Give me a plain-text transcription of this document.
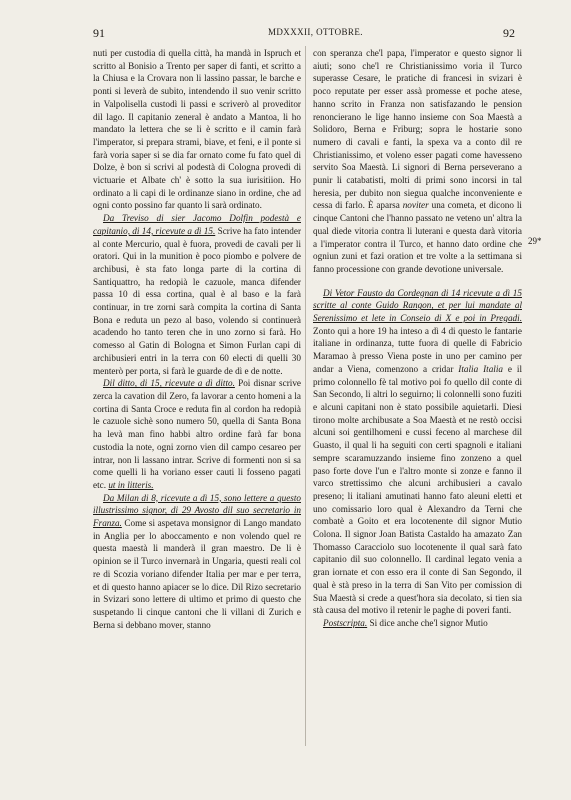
91	MDXXXII, OTTOBRE.	92

nuti per custodia di quella città, ha mandà in Ispruch et scritto al Bonisio a Trento per saper di fanti, et scritto a la Chiusa e la Crovara non li lassino passar, le barche e ponti si leverà de subito, intendendo il suo venir scritto in Valpolisella custodì li passi e scriverò al proveditor dil lago. Il capitanio zeneral è andato a Mantoa, li ho mandato la lettera che se li è scritto e il camin farà l'imperator, si prepara strami, biave, et feni, e il ponte si farà voria saper si se dia far ornato come fu fato quel di Dolze, è bon si scrivi al podestà di Cologna provedi di victuarie et Albate ch' è sotto la sua iurisitiion. Ho ordinato a li capi di le ordinanze siano in ordine, che ad ogni conto possino far quanto li sarà ordinato.

Da Treviso di sier Jacomo Dolfin podestà e capitanio, di 14, ricevute a dì 15. Scrive ha fato intender al conte Mercurio, qual è fuora, provedi de cavali per li oratori. Qui in la munition è poco piombo e polvere de archibusi, è sta fato longa parte di la cortina di Santiquattro, ha redopià le cazuole, manca difender passa 10 di essa cortina, qual è al baso e la farà continuar, in tre zorni sarà compita la cortina di Santa Bona e reduta un pezo al baso, volendo si continuerà acadendo ho tanto teren che in uno zorno si farà. Ho comesso al Gatin di Bologna et Simon Furlan capi di archibusieri entri in la terra con 60 electi di quelli 30 menterò per porta, si farà le guarde de dì e de notte.

Dil ditto, di 15, ricevute a dì ditto. Poi disnar scrive zerca la cavation dil Zero, fa lavorar a cento homeni a la cortina di Santa Croce e reduta fin al cordon ha redopià le cazuole sichè sono numero 50, quella di Santa Bona ha levà man fino habbi altro ordine farà far bona custodia la note, ogni zorno vien dil campo cesareo per intrar, non li lassano intrar. Scrive di formenti non si sa come quelli li ha voriano esser cauti li fosseno pagati etc. ut in litteris.

Da Milan di 8, ricevute a dì 15, sono lettere a questo illustrissimo signor, di 29 Avosto dil suo secretario in Franza. Come si aspetava monsignor di Lango mandato in Anglia per lo aboccamento e non volendo quel re questa maestà li manderà il gran maestro. De li è opinion se il Turco invernarà in Ungaria, questi reali col re di Scozia voriano difender Italia per mar e per terra, et di questo hanno apiacer se lo dice. Dil Rizo secretario in Svizari sono lettere di ultimo et primo di questo che suspetando li cinque cantoni che li villani di Zurich e Berna si debbano mover, stanno

con speranza che'l papa, l'imperator e questo signor li aiuti; sono che'l re Christianissimo voria il Turco superasse Cesare, le pratiche di francesi in svizari è poco reputate per esser assà promesse et poche atese, hanno scrito in Franza non satisfazando le pension renoncierano le lige hanno insieme con Soa Maestà a Solidoro, Berna e Friburg; sopra le hostarie sono numero di cavali e fanti, la spexa va a conto dil re Christianissimo, et voleno esser pagati come havesseno servito Soa Maestà. Li signori di Berna perseverano a punir li catabatisti, molti di primi sono incorsi in tal heresia, per dubito non siegua qualche inconveniente e cessa di farlo. È aparsa noviter una cometa, et dicono li cinque Cantoni che l'hanno passato ne veteno un' altra la qual diede vitoria contra li luterani e questa darà vitoria a l'imperator contra il Turco, et hanno dato ordine che ogniun zuni et fazi oration et tre volte a la settimana si fanno processione con grande devotione universale.

Di Vetor Fausto da Cordegnan di 14 ricevute a dì 15 scritte al conte Guido Rangon, et per lui mandate al Serenissimo et lete in Conseio di X e poi in Pregadi. Zonto qui a hore 19 ha inteso a dì 4 di questo le fantarie italiane in ordinanza, tutte fuora di quelle di Fabricio Maramao à presso Viena poste in uno per camino per andar a Viena, comenzono a cridar Italia Italia e il primo colonnello fè tal motivo poi fo quello dil conte di San Secondo, li altri lo seguirno; li colonnelli sono fuziti e alcuni capitani non è stato possibile aquietarli. Diesi tirono molte archibusate a Soa Maestà et ne restò occisi alcuni soi gentilhomeni e cussi feceno al marchese dil Guasto, il qual li ha seguiti con certi spagnoli e italiani sempre scaramuzzando insieme fino zonzeno a quel paso forte dove l'un e l'altro monte si zonze e fanno il varco strettissimo che alcuni archibusieri a cavalo preseno; li italiani amutinati hanno fato aleuni eletti et uno comissario loro qual è Alexandro da Terni che combatè a Goito et era locotenente dil signor Mutio Colona. Il signor Joan Batista Castaldo ha amazato Zan Thomasso Caracciolo suo locotenente il qual sarà fato capitanio dil suo colonnello. Il cardinal legato venia a gran iornate et con esso era il conte di San Segondo, il qual è stà preso in la terra di San Vito per comission di Sua Maestà si crede a quest'hora sia decolato, si tien sia stà causa del motivo il retenir le paghe di poveri fanti.

Postscripta. Si dice anche che'l signor Mutio

29*
